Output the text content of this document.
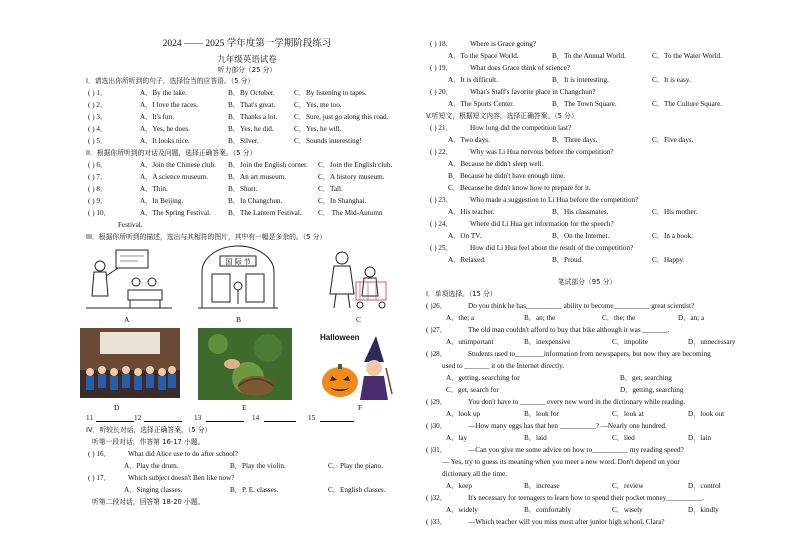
2024 —— 2025 学年度第一学期阶段练习
九年级英语试卷
听力部分（25 分）
I．请选出你所听到的句子，选择恰当的应答语。（5 分）
( ) 1．	A．By the lake.	B．By October.	C．By listening to tapes.
( ) 2．	A．I love the races.	B．That's great.	C．Yes, me too.
( ) 3．	A．It's fun.	B．Thanks a lot. C．Sure, just go along this road.
( ) 4．	A．Yes, he does.	B．Yes, he did.	C．Yes, he will.
( ) 5．	A．It looks nice.	B．Silver.	C．Sounds interesting!
II．根据你所听到的对话及问题，选择正确答案。（5 分）
( ) 6．	A．Join the Chinese club. B．Join the English corner. C．Join the English club.
( ) 7．	A．A science museum.	B．An art museum.	C．A history museum.
( ) 8．	A．Thin.	B．Short.	C．Tall.
( ) 9．	A．In Beijing.	B．In Changchun.	C．In Shanghai.
( ) 10．	A．The Spring Festival. B．The Lantern Festival. C． The Mid-Autumn
Festival.
III．根据你所听到的描述，选出与其相符的图片，其中有一幅是多余的。（5 分）
国 际 节
A	B	C
Halloween
D	E	F
11	12	13	14	15
IV．听较长对话，选择正确答案。（5 分）
听第一段对话，作答第 16-17 小题。
( ) 16． What did Alice use to do after school?
A．Play the drum.	B．Play the violin.	C．Play the piano.
( ) 17． Which subject doesn't Ben like now?
A．Singing classes.	B．P. E. classes.	C．English classes.
听第二段对话，回答第 18-20 小题。
( ) 18． Where is Grace going?
A．To the Space World.	B．To the Annual World.	C．To the Water World.
( ) 19． What does Grace think of science?
A．It is difficult.	B．It is interesting.	C．It is easy.
( ) 20． What's Staff's favorite place in Changchun?
A．The Sports Center.	B．The Town Square.	C．The Culture Square.
V.听短文，根据短文内容，选择正确答案。（5 分）
( ) 21． How long did the competition last?
A．Two days.	B．Three days.	C．Five days.
( ) 22． Why was Li Hua nervous before the competition?
A．Because he didn't sleep well.
B．Because he didn't have enough time.
C．Because he didn't know how to prepare for it.
( ) 23． Who made a suggestion to Li Hua before the competition?
A．His teacher.	B．His classmates.	C．His mother.
( ) 24． Where did Li Hua get information for the speech?
A．On TV.	B．On the Internet.	C．In a book.
( ) 25． How did Li Hua feel about the result of the competition?
A．Relaxed.	B．Proud.	C．Happy.
笔试部分（95 分）
I．单项选择。（15 分）
( )26．	Do you think he has__________ ability to become__________ great scientist?
A．the; a	B．an; the	C．the; the	D．an; a
( )27．	The old man couldn't afford to buy that bike although it was _______.
A．unimportant	B．inexpensive	C．impolite	D．unnecessary
( )28．	Students used to________information from newspapers, but now they are becoming
used to _______ it on the Internet directly.
A．getting, searching for	B．get, searching
C．get, search for	D．getting, searching
( )29．	You don't have to _______ every new word in the dictionary while reading.
A．look up	B．look for	C．look at	D．look out
( )30．	—How many eggs has that hen __________? —Nearly one hundred.
A．lay	B．laid	C．lied	D．lain
( )31．	—Can you give me some advice on how to__________ my reading speed?
— Yes, try to guess its meaning when you meet a new word. Don't depend on your
dictionary all the time.
A．keep	B．increase	C．review	D．control
( )32．	It's necessary for teenagers to learn how to spend their pocket money__________.
A．widely	B．comfortably	C．wisely	D．kindly
( )33．	—Which teacher will you miss most after junior high school, Clara?
